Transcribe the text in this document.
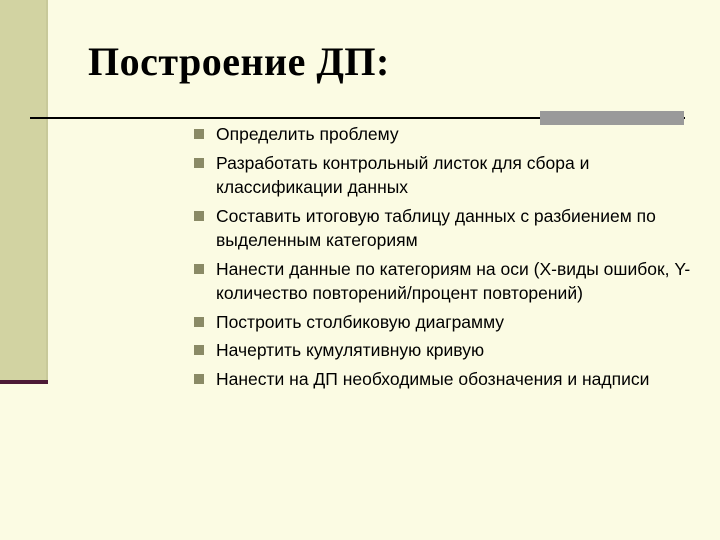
Построение ДП:
Определить проблему
Разработать контрольный листок для сбора и классификации данных
Составить итоговую таблицу данных с разбиением по выделенным категориям
Нанести данные по категориям на оси (X-виды ошибок, Y-количество повторений/процент повторений)
Построить столбиковую диаграмму
Начертить кумулятивную кривую
Нанести на ДП необходимые обозначения и надписи
